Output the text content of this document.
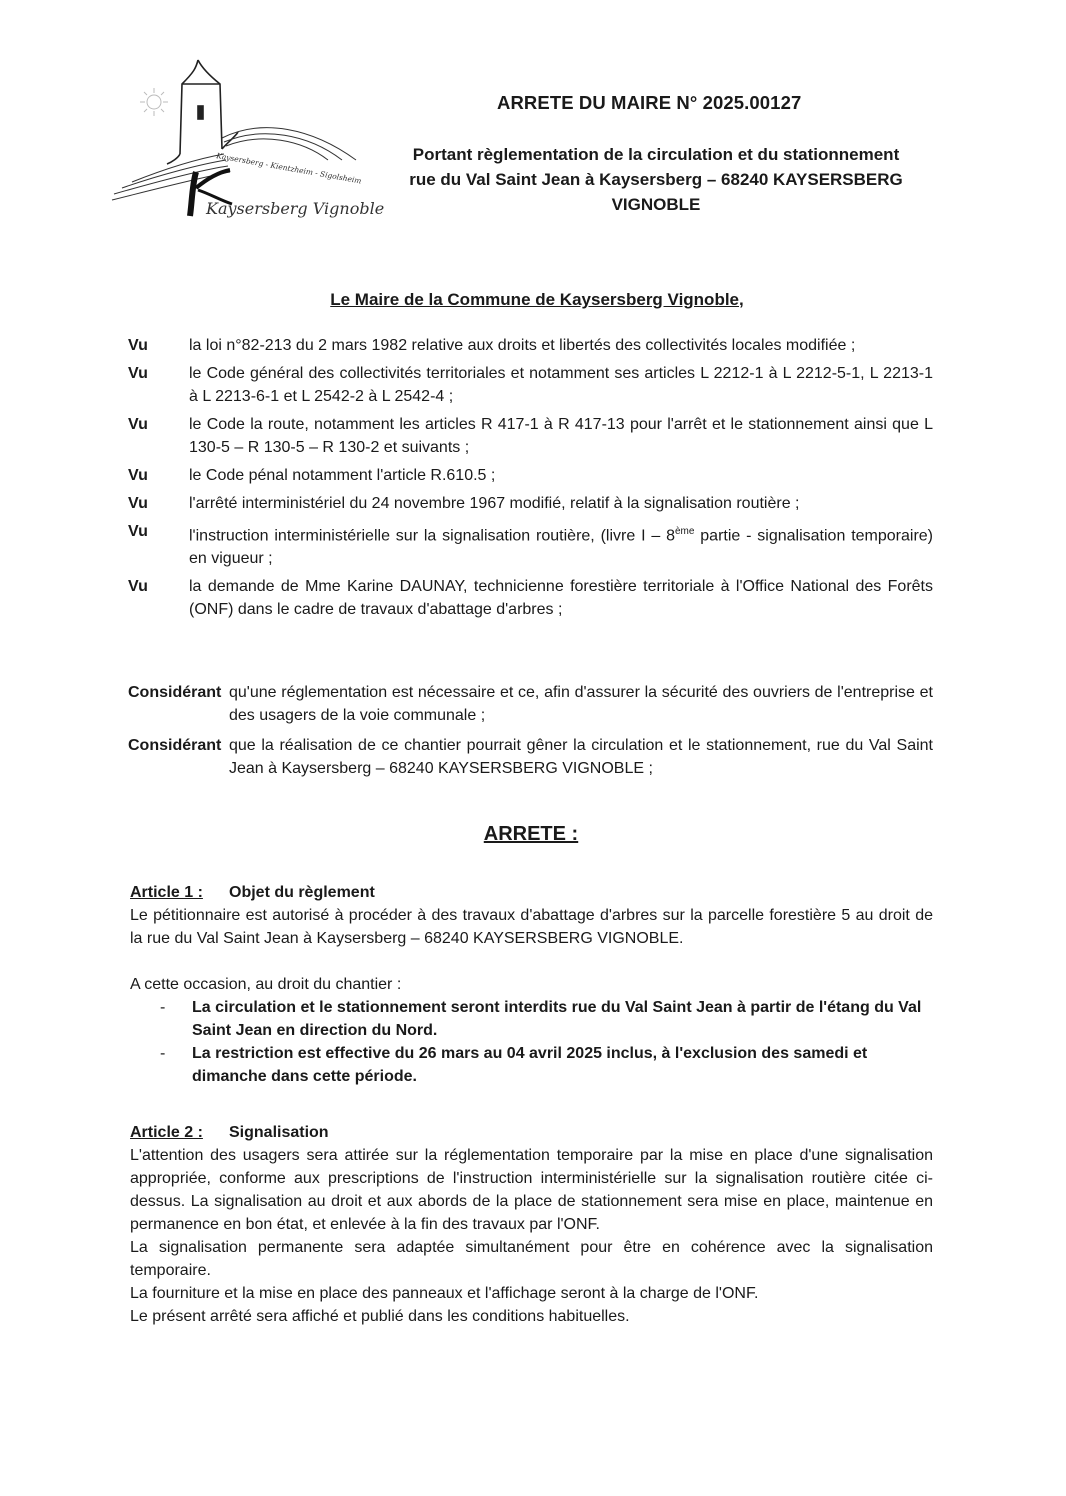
Kaysersberg - Kientzheim - Sigolsheim
Kaysersberg Vignoble
ARRETE DU MAIRE N° 2025.00127
Portant règlementation de la circulation et du stationnement
rue du Val Saint Jean à Kaysersberg – 68240 KAYSERSBERG
VIGNOBLE
Le Maire de la Commune de Kaysersberg Vignoble,
Vu	la loi n°82-213 du 2 mars 1982 relative aux droits et libertés des collectivités locales modifiée ;
Vu	le Code général des collectivités territoriales et notamment ses articles L 2212-1 à L 2212-5-1, L 2213-1 à L 2213-6-1 et L 2542-2 à L 2542-4 ;
Vu	le Code la route, notamment les articles R 417-1 à R 417-13 pour l'arrêt et le stationnement ainsi que L 130-5 – R 130-5 – R 130-2 et suivants ;
Vu	le Code pénal notamment l'article R.610.5 ;
Vu	l'arrêté interministériel du 24 novembre 1967 modifié, relatif à la signalisation routière ;
Vu	l'instruction interministérielle sur la signalisation routière, (livre I – 8ème partie - signalisation temporaire) en vigueur ;
Vu	la demande de Mme Karine DAUNAY, technicienne forestière territoriale à l'Office National des Forêts (ONF) dans le cadre de travaux d'abattage d'arbres ;
Considérant qu'une réglementation est nécessaire et ce, afin d'assurer la sécurité des ouvriers de l'entreprise et des usagers de la voie communale ;
Considérant que la réalisation de ce chantier pourrait gêner la circulation et le stationnement, rue du Val Saint Jean à Kaysersberg – 68240 KAYSERSBERG VIGNOBLE ;
ARRETE :
Article 1 : Objet du règlement

Le pétitionnaire est autorisé à procéder à des travaux d'abattage d'arbres sur la parcelle forestière 5 au droit de la rue du Val Saint Jean à Kaysersberg – 68240 KAYSERSBERG VIGNOBLE.

A cette occasion, au droit du chantier :

-	La circulation et le stationnement seront interdits rue du Val Saint Jean à partir de l'étang du Val Saint Jean en direction du Nord.
-	La restriction est effective du 26 mars au 04 avril 2025 inclus, à l'exclusion des samedi et dimanche dans cette période.
Article 2 : Signalisation

L'attention des usagers sera attirée sur la réglementation temporaire par la mise en place d'une signalisation appropriée, conforme aux prescriptions de l'instruction interministérielle sur la signalisation routière citée ci-dessus. La signalisation au droit et aux abords de la place de stationnement sera mise en place, maintenue en permanence en bon état, et enlevée à la fin des travaux par l'ONF.

La signalisation permanente sera adaptée simultanément pour être en cohérence avec la signalisation temporaire.

La fourniture et la mise en place des panneaux et l'affichage seront à la charge de l'ONF.

Le présent arrêté sera affiché et publié dans les conditions habituelles.
